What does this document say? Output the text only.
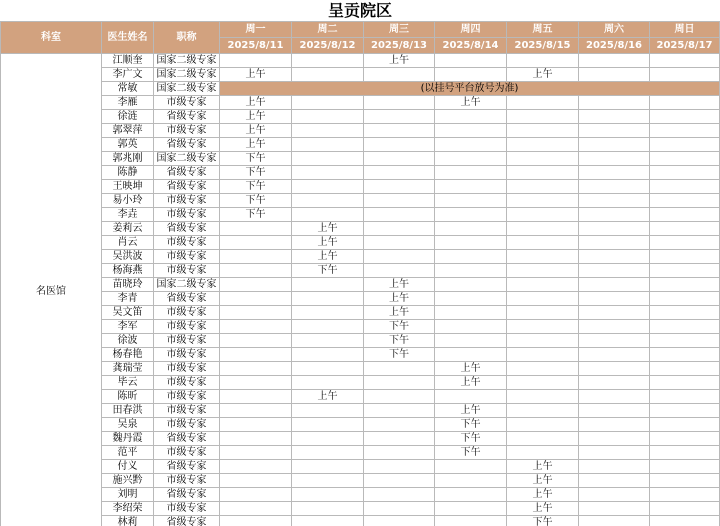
呈贡院区
科室	医生姓名	职称	周一	周二	周三	周四	周五	周六	周日
			2025/8/11	2025/8/12	2025/8/13	2025/8/14	2025/8/15	2025/8/16	2025/8/17
名医馆	江顺奎	国家二级专家			上午				
	李广文	国家二级专家	上午				上午		
	常敏	国家二级专家	(以挂号平台放号为准)						
	李雁	市级专家	上午			上午			
	徐涟	省级专家	上午						
	郭翠萍	市级专家	上午						
	郭英	省级专家	上午						
	郭兆刚	国家二级专家	下午						
	陈静	省级专家	下午						
	王映坤	省级专家	下午						
	易小玲	市级专家	下午						
	李垚	市级专家	下午						
	姜莉云	省级专家		上午					
	肖云	市级专家		上午					
	吴洪波	市级专家		上午					
	杨海燕	市级专家		下午					
	苗晓玲	国家二级专家			上午				
	李青	省级专家			上午				
	吴文笛	市级专家			上午				
	李军	市级专家			下午				
	徐波	市级专家			下午				
	杨春艳	市级专家			下午				
	龚瑞莹	市级专家				上午			
	毕云	市级专家				上午			
	陈昕	市级专家		上午					
	田春洪	市级专家				上午			
	吴泉	市级专家				下午			
	魏丹霞	省级专家				下午			
	范平	市级专家				下午			
	付义	省级专家					上午		
	施兴黔	市级专家					上午		
	刘明	省级专家					上午		
	李绍荣	市级专家					上午		
	林莉	省级专家					下午		
